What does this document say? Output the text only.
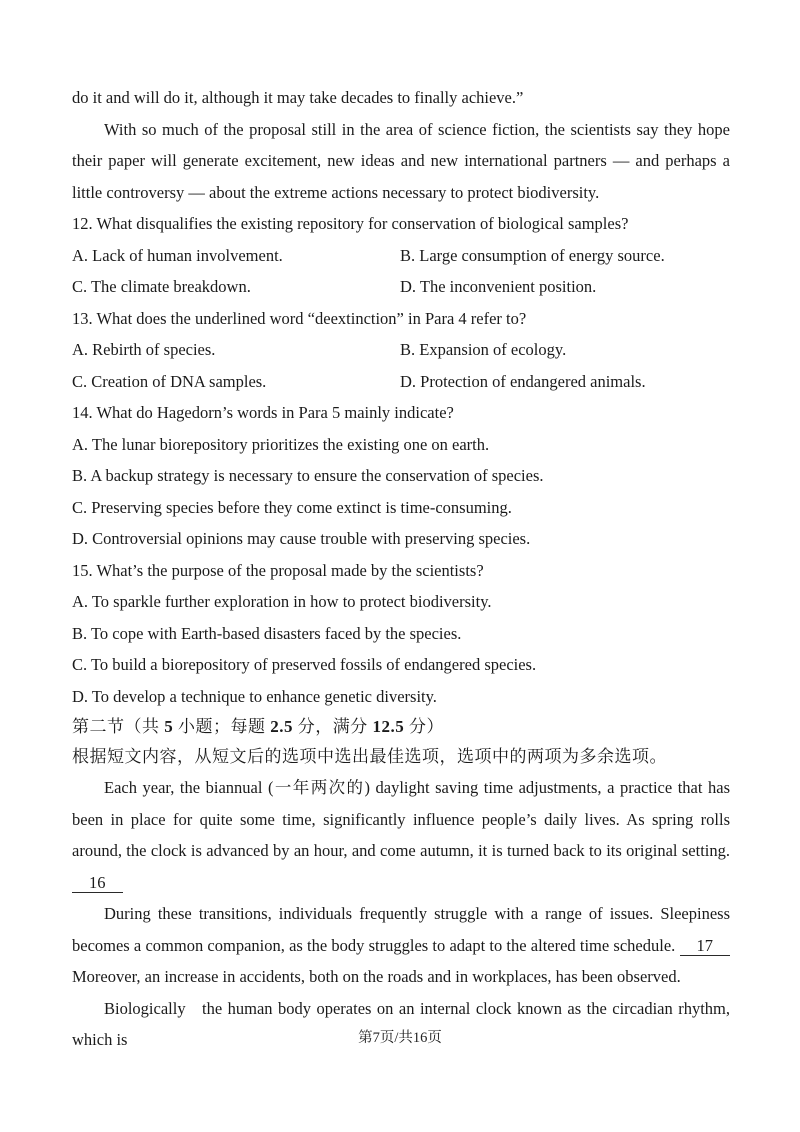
do it and will do it, although it may take decades to finally achieve.”

With so much of the proposal still in the area of science fiction, the scientists say they hope their paper will generate excitement, new ideas and new international partners — and perhaps a little controversy — about the extreme actions necessary to protect biodiversity.

12. What disqualifies the existing repository for conservation of biological samples?
A. Lack of human involvement.	B. Large consumption of energy source.
C. The climate breakdown.	D. The inconvenient position.
13. What does the underlined word “deextinction” in Para 4 refer to?
A. Rebirth of species.	B. Expansion of ecology.
C. Creation of DNA samples.	D. Protection of endangered animals.
14. What do Hagedorn’s words in Para 5 mainly indicate?
A. The lunar biorepository prioritizes the existing one on earth.
B. A backup strategy is necessary to ensure the conservation of species.
C. Preserving species before they come extinct is time-consuming.
D. Controversial opinions may cause trouble with preserving species.
15. What’s the purpose of the proposal made by the scientists?
A. To sparkle further exploration in how to protect biodiversity.
B. To cope with Earth-based disasters faced by the species.
C. To build a biorepository of preserved fossils of endangered species.
D. To develop a technique to enhance genetic diversity.
第二节（共 5 小题；每题 2.5 分，满分 12.5 分）
根据短文内容，从短文后的选项中选出最佳选项，选项中的两项为多余选项。

Each year, the biannual (一年两次的) daylight saving time adjustments, a practice that has been in place for quite some time, significantly influence people’s daily lives. As spring rolls around, the clock is advanced by an hour, and come autumn, it is turned back to its original setting. 16

During these transitions, individuals frequently struggle with a range of issues. Sleepiness becomes a common companion, as the body struggles to adapt to the altered time schedule. 17 Moreover, an increase in accidents, both on the roads and in workplaces, has been observed.

Biologically   the human body operates on an internal clock known as the circadian rhythm, which is	第7页/共16页
